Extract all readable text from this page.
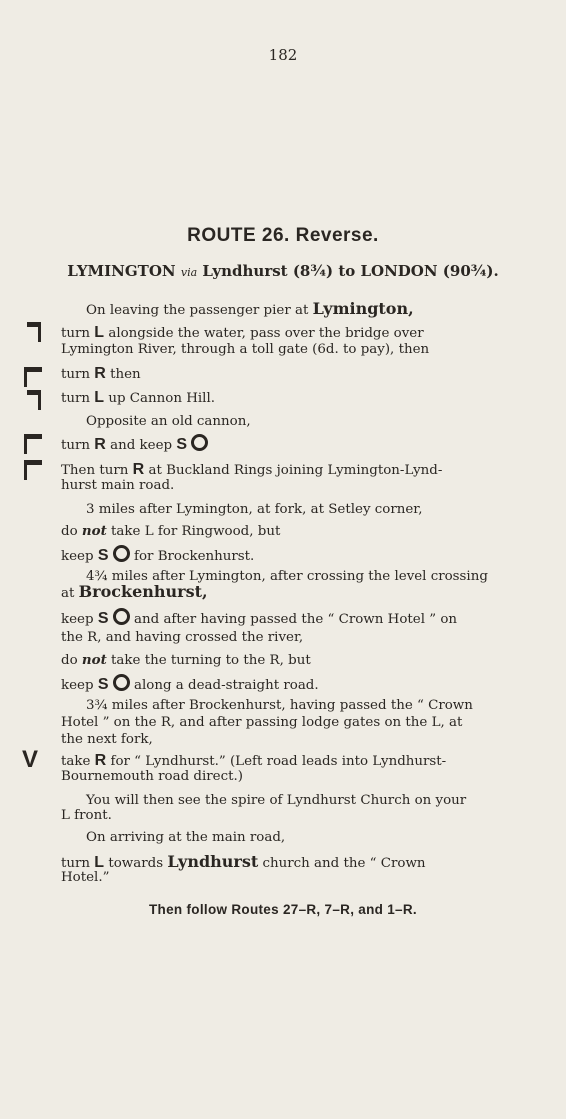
182
ROUTE 26. Reverse.
LYMINGTON via Lyndhurst (8¾) to LONDON (90¾).
V
On leaving the passenger pier at Lymington,
turn L alongside the water, pass over the bridge over
Lymington River, through a toll gate (6d. to pay), then
turn R then
turn L up Cannon Hill.
Opposite an old cannon,
turn R and keep S
Then turn R at Buckland Rings joining Lymington-Lynd-
hurst main road.
3 miles after Lymington, at fork, at Setley corner,
do not take L for Ringwood, but
keep S for Brockenhurst.
4¾ miles after Lymington, after crossing the level crossing
at Brockenhurst,
keep S and after having passed the “ Crown Hotel ” on
the R, and having crossed the river,
do not take the turning to the R, but
keep S along a dead-straight road.
3¾ miles after Brockenhurst, having passed the “ Crown
Hotel ” on the R, and after passing lodge gates on the L, at
the next fork,
take R for “ Lyndhurst.” (Left road leads into Lyndhurst-
Bournemouth road direct.)
You will then see the spire of Lyndhurst Church on your
L front.
On arriving at the main road,
turn L towards Lyndhurst church and the “ Crown
Hotel.”
Then follow Routes 27–R, 7–R, and 1–R.
